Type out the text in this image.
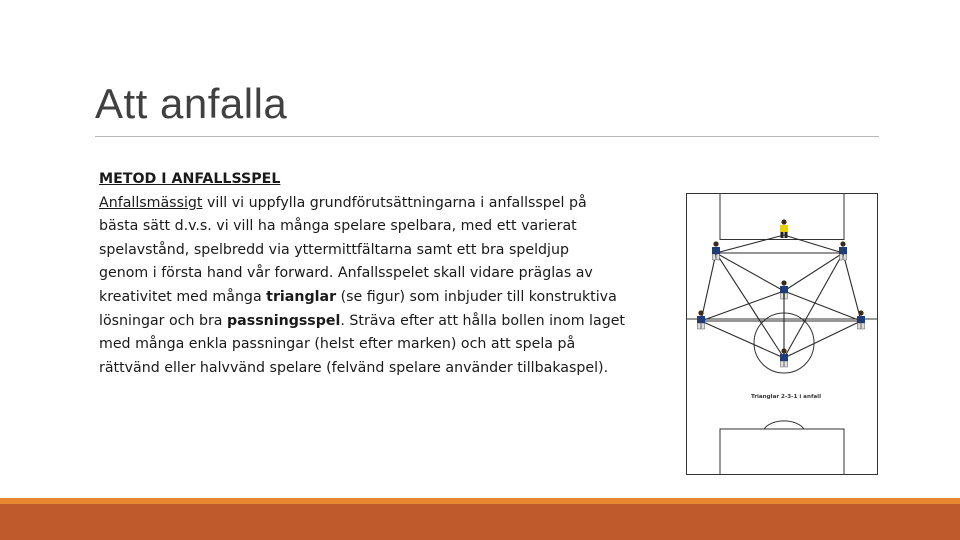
Att anfalla
METOD I ANFALLSSPEL
Anfallsmässigt vill vi uppfylla grundförutsättningarna i anfallsspel på
bästa sätt d.v.s. vi vill ha många spelare spelbara, med ett varierat
spelavstånd, spelbredd via yttermittfältarna samt ett bra speldjup
genom i första hand vår forward. Anfallsspelet skall vidare präglas av
kreativitet med många trianglar (se figur) som inbjuder till konstruktiva
lösningar och bra passningsspel. Sträva efter att hålla bollen inom laget
med många enkla passningar (helst efter marken) och att spela på
rättvänd eller halvvänd spelare (felvänd spelare använder tillbakaspel).
Trianglar 2-3-1 i anfall
